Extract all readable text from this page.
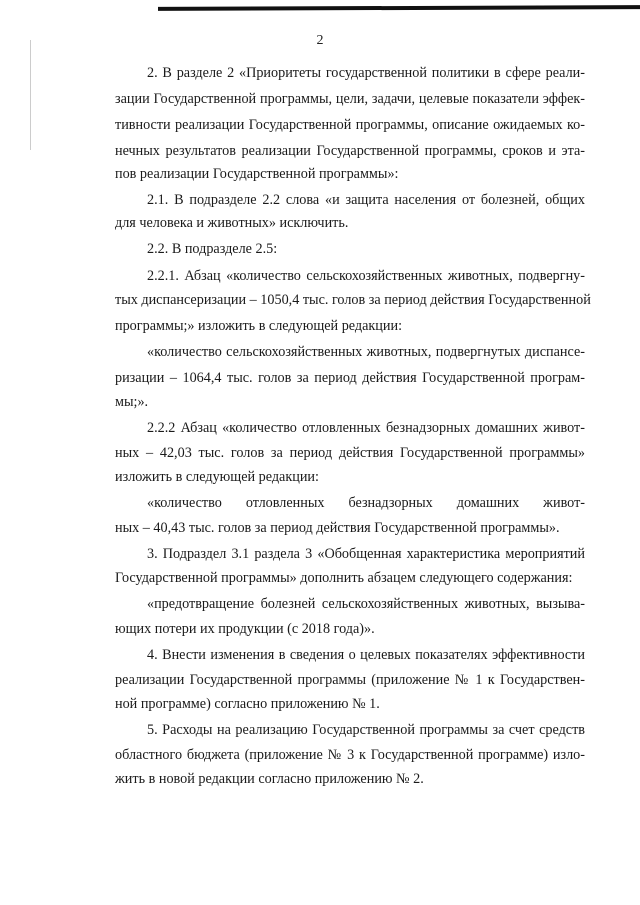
2
2. В разделе 2 «Приоритеты государственной политики в сфере реали-
зации Государственной программы, цели, задачи, целевые показатели эффек-
тивности реализации Государственной программы, описание ожидаемых ко-
нечных результатов реализации Государственной программы, сроков и эта-
пов реализации Государственной программы»:
2.1. В подразделе 2.2 слова «и защита населения от болезней, общих
для человека и животных» исключить.
2.2. В подразделе 2.5:
2.2.1. Абзац «количество сельскохозяйственных животных, подвергну-
тых диспансеризации – 1050,4 тыс. голов за период действия Государственной
программы;» изложить в следующей редакции:
«количество сельскохозяйственных животных, подвергнутых диспансе-
ризации – 1064,4 тыс. голов за период действия Государственной програм-
мы;».
2.2.2 Абзац «количество отловленных безнадзорных домашних живот-
ных – 42,03 тыс. голов за период действия Государственной программы»
изложить в следующей редакции:
«количество отловленных безнадзорных домашних живот-
ных – 40,43 тыс. голов за период действия Государственной программы».
3. Подраздел 3.1 раздела 3 «Обобщенная характеристика мероприятий
Государственной программы» дополнить абзацем следующего содержания:
«предотвращение болезней сельскохозяйственных животных, вызыва-
ющих потери их продукции (с 2018 года)».
4. Внести изменения в сведения о целевых показателях эффективности
реализации Государственной программы (приложение № 1 к Государствен-
ной программе) согласно приложению № 1.
5. Расходы на реализацию Государственной программы за счет средств
областного бюджета (приложение № 3 к Государственной программе) изло-
жить в новой редакции согласно приложению № 2.
